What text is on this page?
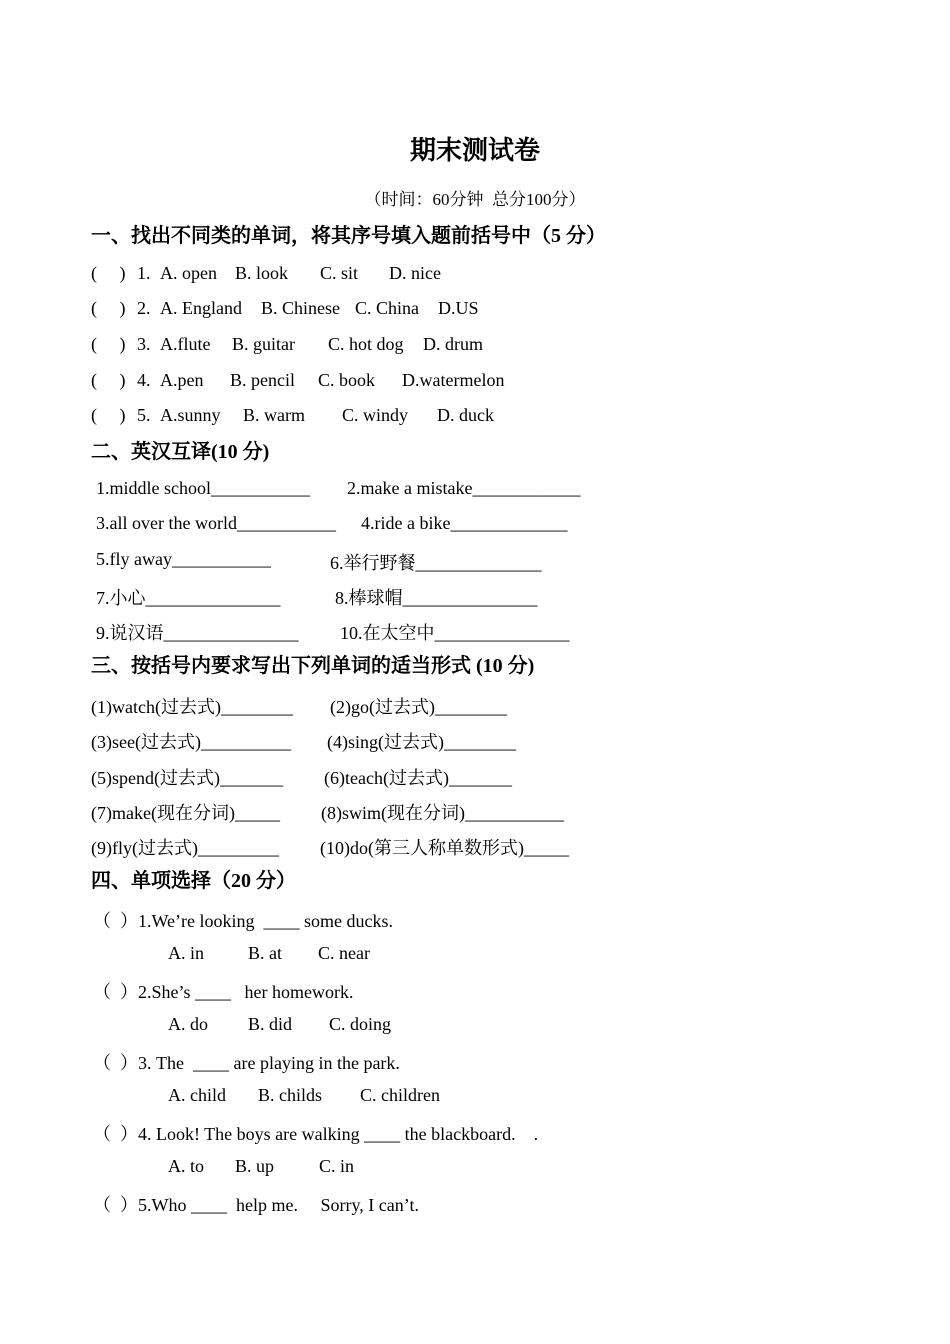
期末测试卷
（时间：60分钟  总分100分）
一、找出不同类的单词，将其序号填入题前括号中（5 分）
(     ) 1. A. open B. look C. sit D. nice
(     ) 2. A. England B. Chinese C. China D.US
(     ) 3. A.flute B. guitar C. hot dog D. drum
(     ) 4. A.pen B. pencil C. book D.watermelon
(     ) 5. A.sunny B. warm C. windy D. duck
二、英汉互译(10 分)
1.middle school___________ 2.make a mistake____________
3.all over the world___________ 4.ride a bike_____________
5.fly away___________	6.举行野餐______________
7.小心_______________	8.棒球帽_______________
9.说汉语_______________ 10.在太空中_______________
三、按括号内要求写出下列单词的适当形式 (10 分)
(1)watch(过去式)________ (2)go(过去式)________
(3)see(过去式)__________ (4)sing(过去式)________
(5)spend(过去式)_______ (6)teach(过去式)_______
(7)make(现在分词)_____ (8)swim(现在分词)___________
(9)fly(过去式)_________ (10)do(第三人称单数形式)_____
四、单项选择（20 分）
（  ）1.We’re looking  ____ some ducks.
A. in B. at C. near
（  ）2.She’s ____   her homework.
A. do B. did C. doing
（  ）3. The  ____ are playing in the park.
A. child B. childs C. children
（  ）4. Look! The boys are walking ____ the blackboard.    .
A. to B. up C. in
（  ）5.Who ____  help me.     Sorry, I can’t.
